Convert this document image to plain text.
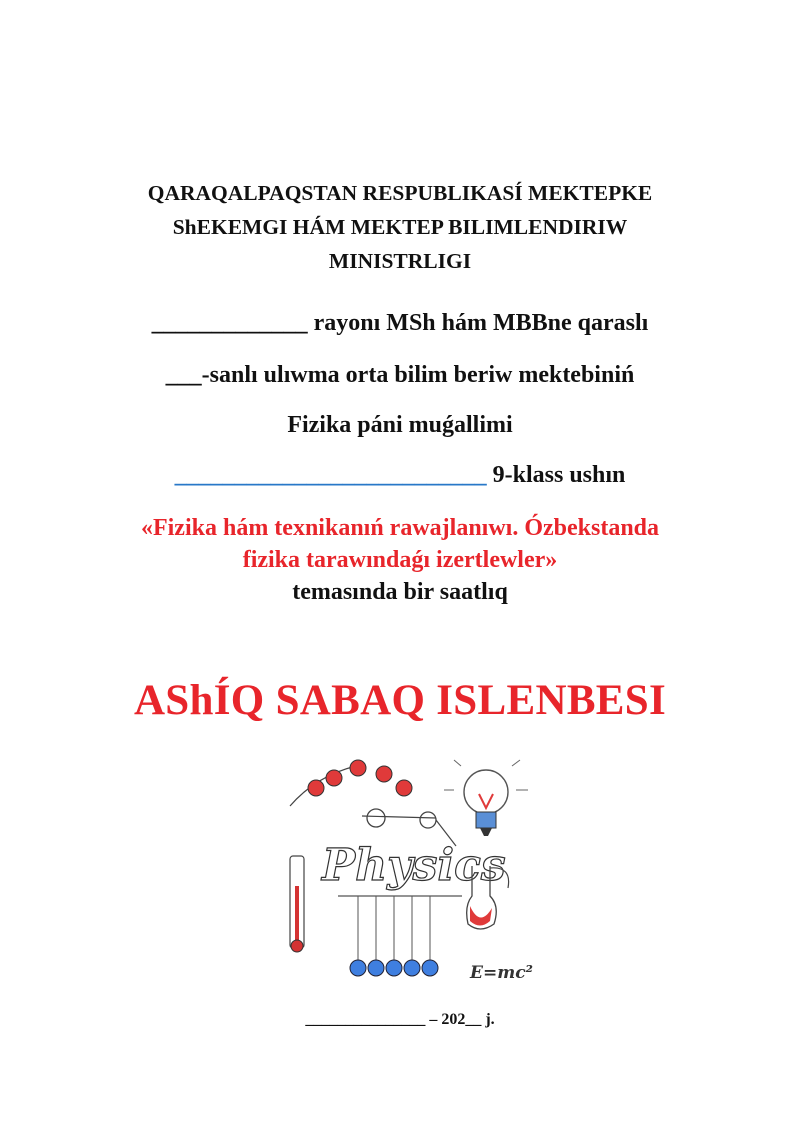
QARAQALPAQSTAN RESPUBLIKASÍ MEKTEPKE
ShEKEMGI HÁM MEKTEP BILIMLENDIRIW
MINISTRLIGI
_____________ rayonı MSh hám MBBne qaraslı
___-sanlı ulıwma orta bilim beriw mektebiniń
Fizika páni muǵallimi
__________________________ 9-klass ushın
«Fizika hám texnikanıń rawajlanıwı. Ózbekstanda
fizika tarawındaǵı izertlewler»
temasında bir saatlıq
AShÍQ SABAQ ISLENBESI
Physics
E=mc²
_______________ – 202__ j.
